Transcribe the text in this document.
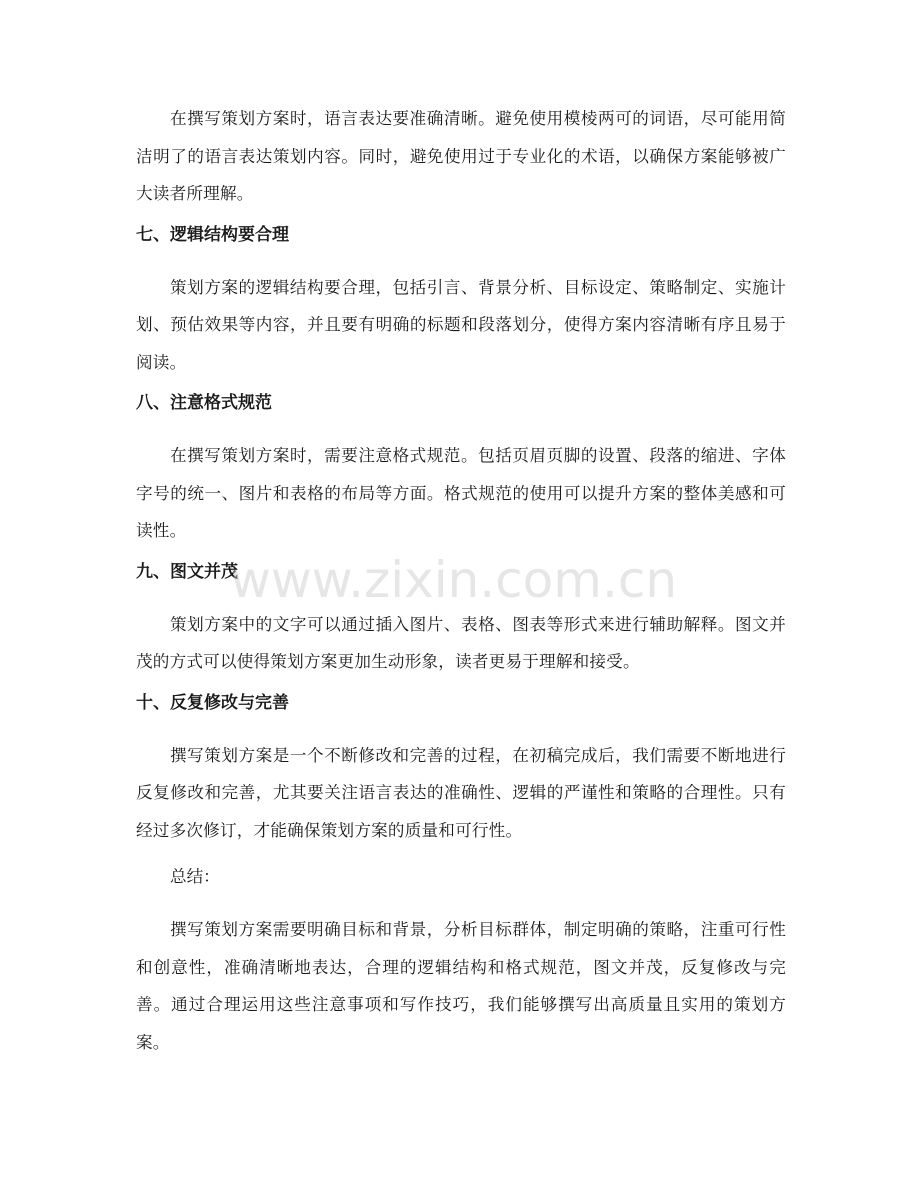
在撰写策划方案时，语言表达要准确清晰。避免使用模棱两可的词语，尽可能用简洁明了的语言表达策划内容。同时，避免使用过于专业化的术语，以确保方案能够被广大读者所理解。

七、逻辑结构要合理

策划方案的逻辑结构要合理，包括引言、背景分析、目标设定、策略制定、实施计划、预估效果等内容，并且要有明确的标题和段落划分，使得方案内容清晰有序且易于阅读。

八、注意格式规范

在撰写策划方案时，需要注意格式规范。包括页眉页脚的设置、段落的缩进、字体字号的统一、图片和表格的布局等方面。格式规范的使用可以提升方案的整体美感和可读性。

九、图文并茂

策划方案中的文字可以通过插入图片、表格、图表等形式来进行辅助解释。图文并茂的方式可以使得策划方案更加生动形象，读者更易于理解和接受。

十、反复修改与完善

撰写策划方案是一个不断修改和完善的过程，在初稿完成后，我们需要不断地进行反复修改和完善，尤其要关注语言表达的准确性、逻辑的严谨性和策略的合理性。只有经过多次修订，才能确保策划方案的质量和可行性。

总结：

撰写策划方案需要明确目标和背景，分析目标群体，制定明确的策略，注重可行性和创意性，准确清晰地表达，合理的逻辑结构和格式规范，图文并茂，反复修改与完善。通过合理运用这些注意事项和写作技巧，我们能够撰写出高质量且实用的策划方案。

www.zixin.com.cn
